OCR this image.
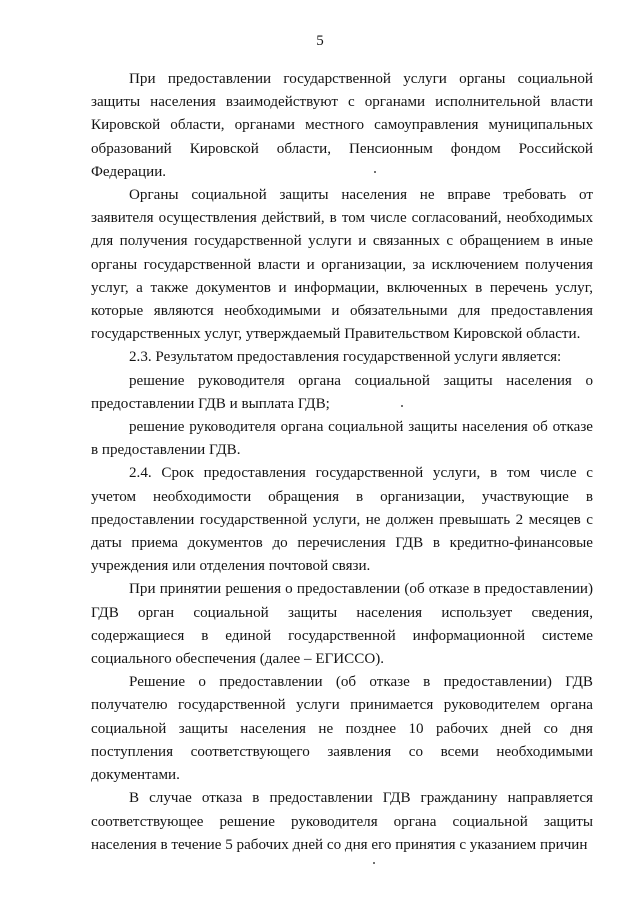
5

При предоставлении государственной услуги органы социальной защиты населения взаимодействуют с органами исполнительной власти Кировской области, органами местного самоуправления муниципальных образований Кировской области, Пенсионным фондом Российской Федерации.

Органы социальной защиты населения не вправе требовать от заявителя осуществления действий, в том числе согласований, необходимых для получения государственной услуги и связанных с обращением в иные органы государственной власти и организации, за исключением получения услуг, а также документов и информации, включенных в перечень услуг, которые являются необходимыми и обязательными для предоставления государственных услуг, утверждаемый Правительством Кировской области.

2.3. Результатом предоставления государственной услуги является:

решение руководителя органа социальной защиты населения о предоставлении ГДВ и выплата ГДВ;

решение руководителя органа социальной защиты населения об отказе в предоставлении ГДВ.

2.4. Срок предоставления государственной услуги, в том числе с учетом необходимости обращения в организации, участвующие в предоставлении государственной услуги, не должен превышать 2 месяцев с даты приема документов до перечисления ГДВ в кредитно-финансовые учреждения или отделения почтовой связи.

При принятии решения о предоставлении (об отказе в предоставлении) ГДВ орган социальной защиты населения использует сведения, содержащиеся в единой государственной информационной системе социального обеспечения (далее – ЕГИССО).

Решение о предоставлении (об отказе в предоставлении) ГДВ получателю государственной услуги принимается руководителем органа социальной защиты населения не позднее 10 рабочих дней со дня поступления соответствующего заявления со всеми необходимыми документами.

В случае отказа в предоставлении ГДВ гражданину направляется соответствующее решение руководителя органа социальной защиты населения в течение 5 рабочих дней со дня его принятия с указанием причин
